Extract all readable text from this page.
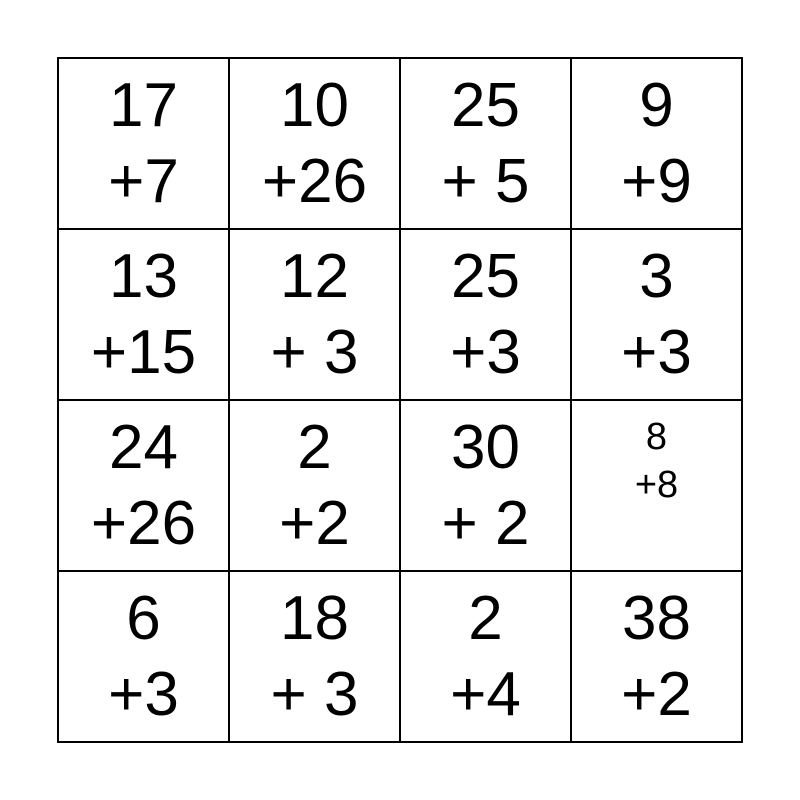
17
+7
10
+26
25
+ 5
9
+9
13
+15
12
+ 3
25
+3
3
+3
24
+26
2
+2
30
+ 2
8
+8
6
+3
18
+ 3
2
+4
38
+2
